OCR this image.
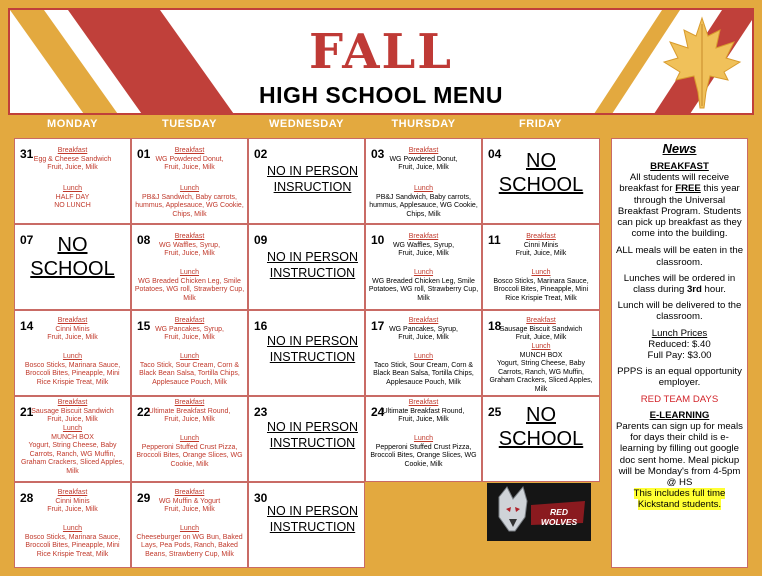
FALL
HIGH SCHOOL MENU
MONDAY	TUESDAY	WEDNESDAY	THURSDAY	FRIDAY
31	Breakfast
Egg & Cheese Sandwich
Fruit, Juice, Milk
Lunch
HALF DAY
NO LUNCH
01	Breakfast
WG Powdered Donut,
Fruit, Juice, Milk
Lunch
PB&J Sandwich, Baby carrots,
hummus, Applesauce, WG Cookie,
Chips, Milk
02
NO IN PERSON
INSRUCTION
03	Breakfast
WG Powdered Donut,
Fruit, Juice, Milk
Lunch
PB&J Sandwich, Baby carrots,
hummus, Applesauce, WG Cookie,
Chips, Milk
04	NO
SCHOOL
07	NO
SCHOOL
08	Breakfast
WG Waffles, Syrup,
Fruit, Juice, Milk
Lunch
WG Breaded Chicken Leg, Smile
Potatoes, WG roll, Strawberry Cup,
Milk
09
NO IN PERSON
INSTRUCTION
10	Breakfast
WG Waffles, Syrup,
Fruit, Juice, Milk
Lunch
WG Breaded Chicken Leg, Smile
Potatoes, WG roll, Strawberry Cup,
Milk
11	Breakfast
Cinni Minis
Fruit, Juice, Milk
Lunch
Bosco Sticks, Marinara Sauce,
Broccoli Bites, Pineapple, Mini
Rice Krispie Treat, Milk
14	Breakfast
Cinni Minis
Fruit, Juice, Milk
Lunch
Bosco Sticks, Marinara Sauce,
Broccoli Bites, Pineapple, Mini
Rice Krispie Treat, Milk
15	Breakfast
WG Pancakes, Syrup,
Fruit, Juice, Milk
Lunch
Taco Stick, Sour Cream, Corn &
Black Bean Salsa, Tortilla Chips,
Applesauce Pouch, Milk
16
NO IN PERSON
INSTRUCTION
17	Breakfast
WG Pancakes, Syrup,
Fruit, Juice, Milk
Lunch
Taco Stick, Sour Cream, Corn &
Black Bean Salsa, Tortilla Chips,
Applesauce Pouch, Milk
18	Breakfast
Sausage Biscuit Sandwich
Fruit, Juice, Milk
Lunch
MUNCH BOX
Yogurt, String Cheese, Baby
Carrots, Ranch, WG Muffin,
Graham Crackers, Sliced Apples,
Milk
21
Breakfast
Sausage Biscuit Sandwich
Fruit, Juice, Milk
Lunch
MUNCH BOX
Yogurt, String Cheese, Baby
Carrots, Ranch, WG Muffin,
Graham Crackers, Sliced Apples,
Milk
22
Breakfast
Ultimate Breakfast Round,
Fruit, Juice, Milk
Lunch
Pepperoni Stuffed Crust Pizza,
Broccoli Bites, Orange Slices, WG
Cookie, Milk
23
NO IN PERSON
INSTRUCTION
24
Breakfast
Ultimate Breakfast Round,
Fruit, Juice, Milk
Lunch
Pepperoni Stuffed Crust Pizza,
Broccoli Bites, Orange Slices, WG
Cookie, Milk
25	NO
SCHOOL
28	Breakfast
Cinni Minis
Fruit, Juice, Milk
Lunch
Bosco Sticks, Marinara Sauce,
Broccoli Bites, Pineapple, Mini
Rice Krispie Treat, Milk
29	Breakfast
WG Muffin & Yogurt
Fruit, Juice, Milk
Lunch
Cheeseburger on WG Bun, Baked
Lays, Pea Pods, Ranch, Baked
Beans, Strawberry Cup, Milk
30
NO IN PERSON
INSTRUCTION
RED WOLVES

News

BREAKFAST
All students will receive breakfast for FREE this year through the Universal Breakfast Program. Students can pick up breakfast as they come into the building.

ALL meals will be eaten in the classroom.

Lunches will be ordered in class during 3rd hour.

Lunch will be delivered to the classroom.

Lunch Prices
Reduced: $.40
Full Pay: $3.00

PPPS is an equal opportunity employer.

RED TEAM DAYS

E-LEARNING
Parents can sign up for meals for days their child is e-learning by filling out google doc sent home. Meal pickup will be Monday's from 4-5pm @ HS
This includes full time Kickstand students.
